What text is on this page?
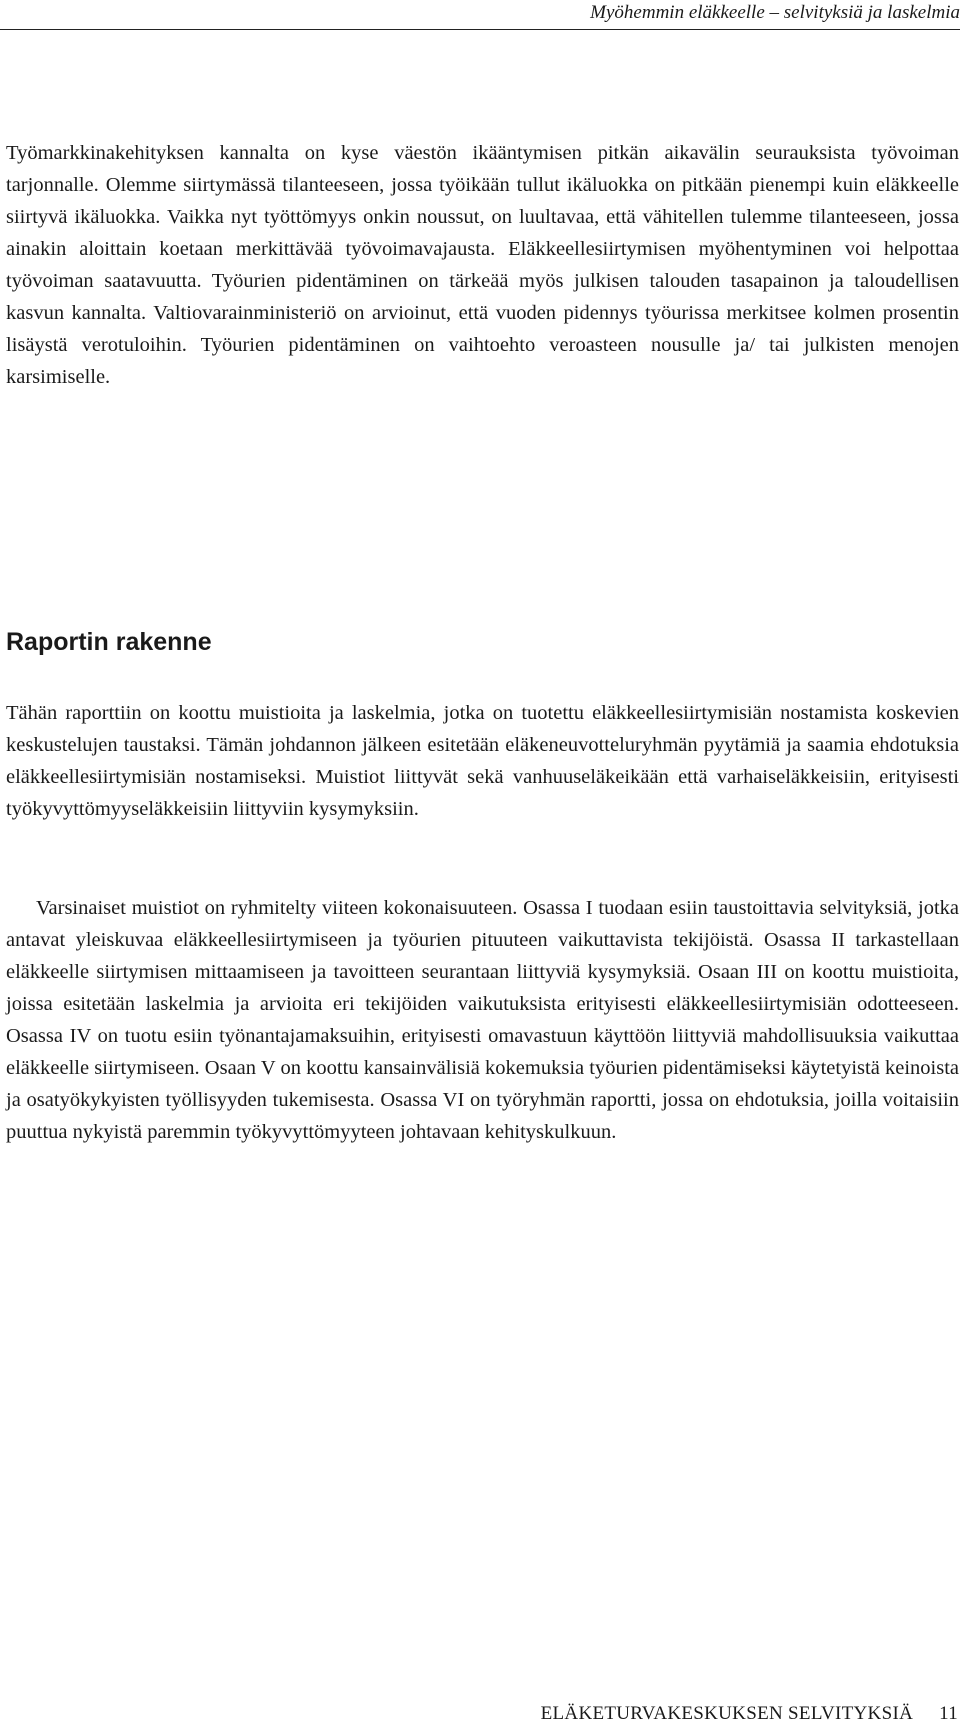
Myöhemmin eläkkeelle – selvityksiä ja laskelmia

Työmarkkinakehityksen kannalta on kyse väestön ikääntymisen pitkän aikavälin seurauksista työvoiman tarjonnalle. Olemme siirtymässä tilanteeseen, jossa työikään tullut ikäluokka on pitkään pienempi kuin eläkkeelle siirtyvä ikäluokka. Vaikka nyt työttömyys onkin noussut, on luultavaa, että vähitellen tulemme tilanteeseen, jossa ainakin aloittain koetaan merkittävää työvoimavajausta. Eläkkeellesiirtymisen myöhentyminen voi helpottaa työvoiman saatavuutta. Työurien pidentäminen on tärkeää myös julkisen talouden tasapainon ja taloudellisen kasvun kannalta. Valtiovarainministeriö on arvioinut, että vuoden pidennys työurissa merkitsee kolmen prosentin lisäystä verotuloihin. Työurien pidentäminen on vaihtoehto veroasteen nousulle ja/ tai julkisten menojen karsimiselle.

Raportin rakenne

Tähän raporttiin on koottu muistioita ja laskelmia, jotka on tuotettu eläkkeellesiirtymisiän nostamista koskevien keskustelujen taustaksi. Tämän johdannon jälkeen esitetään eläkeneuvotteluryhmän pyytämiä ja saamia ehdotuksia eläkkeellesiirtymisiän nostamiseksi. Muistiot liittyvät sekä vanhuuseläkeikään että varhaiseläkkeisiin, erityisesti työkyvyttömyyseläkkeisiin liittyviin kysymyksiin.

Varsinaiset muistiot on ryhmitelty viiteen kokonaisuuteen. Osassa I tuodaan esiin taustoittavia selvityksiä, jotka antavat yleiskuvaa eläkkeellesiirtymiseen ja työurien pituuteen vaikuttavista tekijöistä. Osassa II tarkastellaan eläkkeelle siirtymisen mittaamiseen ja tavoitteen seurantaan liittyviä kysymyksiä. Osaan III on koottu muistioita, joissa esitetään laskelmia ja arvioita eri tekijöiden vaikutuksista erityisesti eläkkeellesiirtymisiän odotteeseen. Osassa IV on tuotu esiin työnantajamaksuihin, erityisesti omavastuun käyttöön liittyviä mahdollisuuksia vaikuttaa eläkkeelle siirtymiseen. Osaan V on koottu kansainvälisiä kokemuksia työurien pidentämiseksi käytetyistä keinoista ja osatyökykyisten työllisyyden tukemisesta. Osassa VI on työryhmän raportti, jossa on ehdotuksia, joilla voitaisiin puuttua nykyistä paremmin työkyvyttömyyteen johtavaan kehityskulkuun.

ELÄKETURVAKESKUKSEN SELVITYKSIÄ 11
